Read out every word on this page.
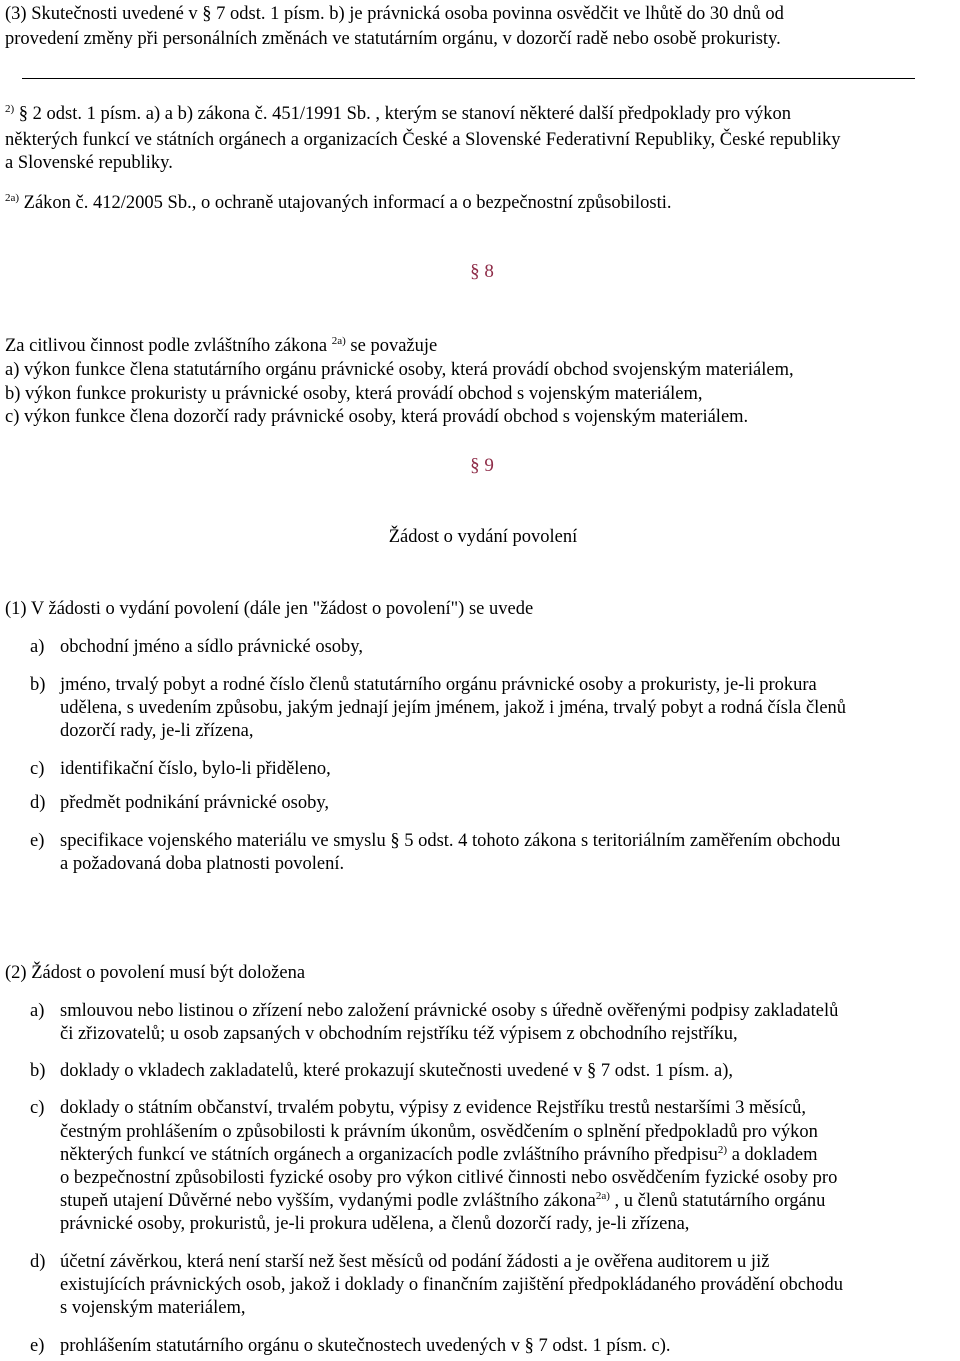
(3) Skutečnosti uvedené v § 7 odst. 1 písm. b) je právnická osoba povinna osvědčit ve lhůtě do 30 dnů od
provedení změny při personálních změnách ve statutárním orgánu, v dozorčí radě nebo osobě prokuristy.
$^{2)}$ § 2 odst. 1 písm. a) a b) zákona č. 451/1991 Sb. , kterým se stanoví některé další předpoklady pro výkon
některých funkcí ve státních orgánech a organizacích České a Slovenské Federativní Republiky, České republiky
a Slovenské republiky.
$^{2a)}$ Zákon č. 412/2005 Sb., o ochraně utajovaných informací a o bezpečnostní způsobilosti.
§ 8
Za citlivou činnost podle zvláštního zákona $^{2a)}$ se považuje
a) výkon funkce člena statutárního orgánu právnické osoby, která provádí obchod svojenským materiálem,
b) výkon funkce prokuristy u právnické osoby, která provádí obchod s vojenským materiálem,
c) výkon funkce člena dozorčí rady právnické osoby, která provádí obchod s vojenským materiálem.
§ 9
Žádost o vydání povolení
(1) V žádosti o vydání povolení (dále jen "žádost o povolení") se uvede
a) obchodní jméno a sídlo právnické osoby,
b) jméno, trvalý pobyt a rodné číslo členů statutárního orgánu právnické osoby a prokuristy, je-li prokura
udělena, s uvedením způsobu, jakým jednají jejím jménem, jakož i jména, trvalý pobyt a rodná čísla členů
dozorčí rady, je-li zřízena,
c) identifikační číslo, bylo-li přiděleno,
d) předmět podnikání právnické osoby,
e) specifikace vojenského materiálu ve smyslu § 5 odst. 4 tohoto zákona s teritoriálním zaměřením obchodu
a požadovaná doba platnosti povolení.
(2) Žádost o povolení musí být doložena
a) smlouvou nebo listinou o zřízení nebo založení právnické osoby s úředně ověřenými podpisy zakladatelů
či zřizovatelů; u osob zapsaných v obchodním rejstříku též výpisem z obchodního rejstříku,
b) doklady o vkladech zakladatelů, které prokazují skutečnosti uvedené v § 7 odst. 1 písm. a),
c) doklady o státním občanství, trvalém pobytu, výpisy z evidence Rejstříku trestů nestaršími 3 měsíců,
čestným prohlášením o způsobilosti k právním úkonům, osvědčením o splnění předpokladů pro výkon
některých funkcí ve státních orgánech a organizacích podle zvláštního právního předpisu$^{2)}$ a dokladem
o bezpečnostní způsobilosti fyzické osoby pro výkon citlivé činnosti nebo osvědčením fyzické osoby pro
stupeň utajení Důvěrné nebo vyšším, vydanými podle zvláštního zákona$^{2a)}$ , u členů statutárního orgánu
právnické osoby, prokuristů, je-li prokura udělena, a členů dozorčí rady, je-li zřízena,
d) účetní závěrkou, která není starší než šest měsíců od podání žádosti a je ověřena auditorem u již
existujících právnických osob, jakož i doklady o finančním zajištění předpokládaného provádění obchodu
s vojenským materiálem,
e) prohlášením statutárního orgánu o skutečnostech uvedených v § 7 odst. 1 písm. c).
